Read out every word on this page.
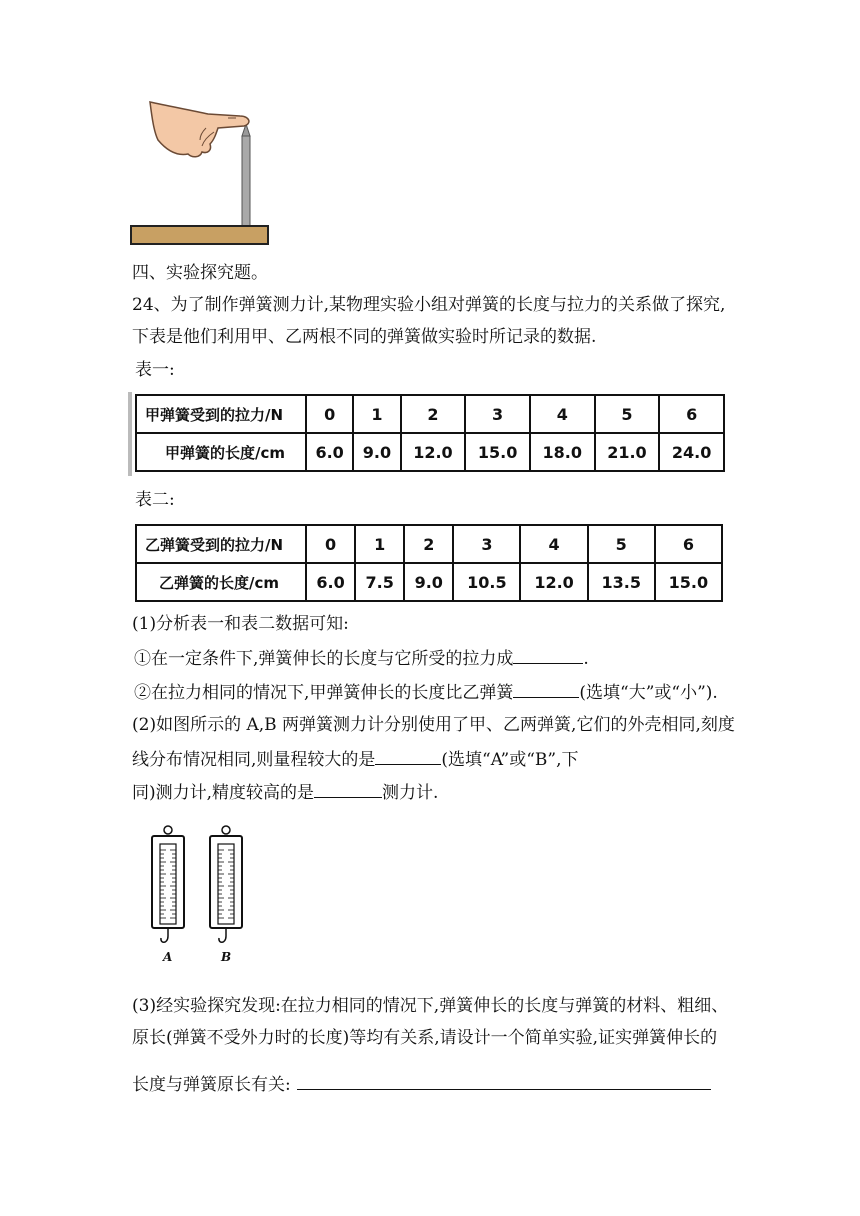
四、实验探究题。
24、为了制作弹簧测力计,某物理实验小组对弹簧的长度与拉力的关系做了探究,
下表是他们利用甲、乙两根不同的弹簧做实验时所记录的数据.
表一:
甲弹簧受到的拉力/N	0	1	2	3	4	5	6
甲弹簧的长度/cm	6.0	9.0	12.0	15.0	18.0	21.0	24.0
表二:
乙弹簧受到的拉力/N	0	1	2	3	4	5	6
乙弹簧的长度/cm	6.0	7.5	9.0	10.5	12.0	13.5	15.0
(1)分析表一和表二数据可知:
①在一定条件下,弹簧伸长的长度与它所受的拉力成	.
②在拉力相同的情况下,甲弹簧伸长的长度比乙弹簧	(选填“大”或“小”).
(2)如图所示的 A,B 两弹簧测力计分别使用了甲、乙两弹簧,它们的外壳相同,刻度
线分布情况相同,则量程较大的是	(选填“A”或“B”,下
同)测力计,精度较高的是	测力计.
A	B
(3)经实验探究发现:在拉力相同的情况下,弹簧伸长的长度与弹簧的材料、粗细、
原长(弹簧不受外力时的长度)等均有关系,请设计一个简单实验,证实弹簧伸长的
长度与弹簧原长有关:
